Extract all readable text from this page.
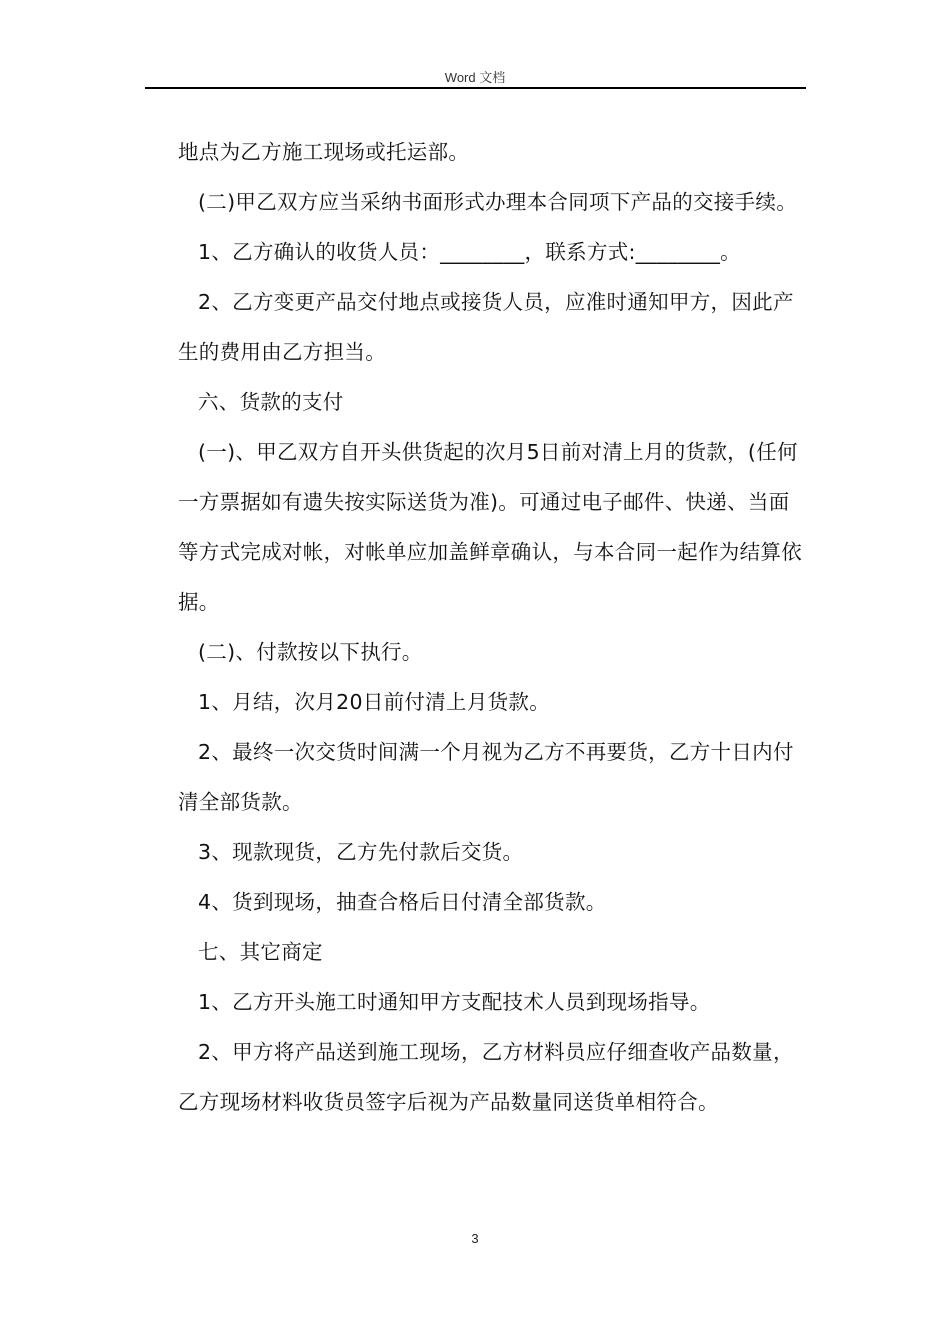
Word 文档

地点为乙方施工现场或托运部。

(二)甲乙双方应当采纳书面形式办理本合同项下产品的交接手续。

1、乙方确认的收货人员：________，联系方式:________。

2、乙方变更产品交付地点或接货人员，应准时通知甲方，因此产生的费用由乙方担当。

六、货款的支付

(一)、甲乙双方自开头供货起的次月5日前对清上月的货款，(任何一方票据如有遗失按实际送货为准)。可通过电子邮件、快递、当面等方式完成对帐，对帐单应加盖鲜章确认，与本合同一起作为结算依据。

(二)、付款按以下执行。

1、月结，次月20日前付清上月货款。

2、最终一次交货时间满一个月视为乙方不再要货，乙方十日内付清全部货款。

3、现款现货，乙方先付款后交货。

4、货到现场，抽查合格后日付清全部货款。

七、其它商定

1、乙方开头施工时通知甲方支配技术人员到现场指导。

2、甲方将产品送到施工现场，乙方材料员应仔细查收产品数量，乙方现场材料收货员签字后视为产品数量同送货单相符合。

3
